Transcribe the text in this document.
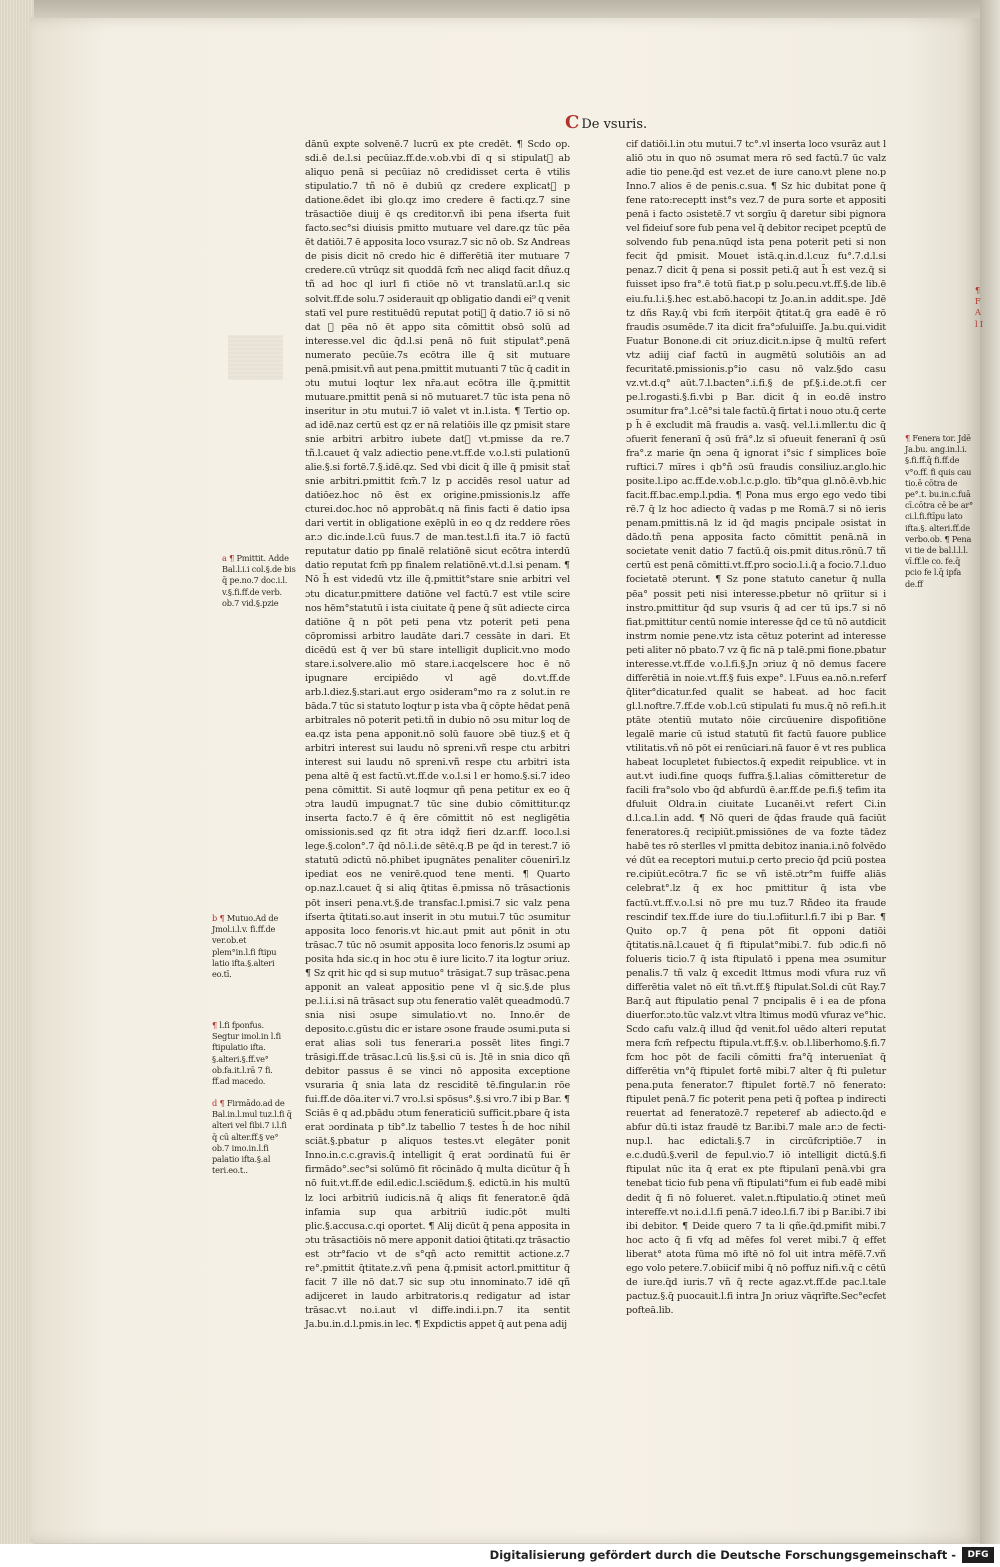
C De vsuris.

dānū expte solvenē.7 lucrū ex pte credēt. ¶ Scdo op. sdi.ē de.l.si pecūiaz.ff.de.v.ob.vbi dī q si stipulat᷑ ab aliquo penā si pecūiaz nō credidisset certa ē vtilis stipulatio.7 tñ nō ē dubiū qz credere explicat᷑ p datione.ēdet ibi glo.qz imo credere ē facti.qz.7 sine trāsactiōe diuij ē qs creditor.vñ ibi pena ifserta fuit facto.sec°si diuisis pmitto mutuare vel dare.qz tūc pēa ēt datiōi.7 ē apposita loco vsuraz.7 sic nō ob. Sz Andreas de pisis dicit nō credo hic ē differētiā iter mutuare 7 credere.cū vtrūqz sit quoddā fcm̄ nec aliqd facit dñuz.q tñ ad hoc ql iurl fi ctiōe nō vt translatū.ar.l.q sic solvit.ff.de solu.7 ɔsiderauit qp obligatio dandi ei⁹ q venit statī vel pure restituēdū reputat potiꝰ q̄ datio.7 iō si nō dat ꝯ pēa nō ēt appo sita cōmittit obsō solū ad interesse.vel dic q̄d.l.si penā nō fuit stipulat°.penā numerato pecūie.7s ecōtra ille q̄ sit mutuare penā.pmisit.vñ aut pena.pmittit mutuanti 7 tūc q̄ cadit in ɔtu mutui loqtur lex nr̄a.aut ecōtra ille q̄.pmittit mutuare.pmittit penā si nō mutuaret.7 tūc ista pena nō inseritur in ɔtu mutui.7 iō valet vt in.l.ista. ¶ Tertio op. ad idē.naz certū est qz er nā relatiōis ille qz pmisit stare snie arbitri arbitro iubete dat᷑ vt.pmisse da re.7 tñ.l.cauet q̄ valz adiectio pene.vt.ff.de v.o.l.sti pulationū alie.§.si fortē.7.§.idē.qz. Sed vbi dicit q̄ ille q̄ pmisit stat̄ snie arbitri.pmittit fcm̄.7 lz p accidēs resol uatur ad datiōez.hoc nō ēst ex origine.pmissionis.lz affe cturei.doc.hoc nō approbāt.q nā finis facti ē datio ipsa dari vertit in obligatione exēplū in eo q dz reddere rōes ar.ɔ dic.inde.l.cū fuus.7 de man.test.l.fi ita.7 iō factū reputatur datio pp finalē relatiōnē sicut ecōtra interdū datio reputat fcm̄ pp finalem relatiōnē.vt.d.l.si penam. ¶ Nō h̄ est videdū vtz ille q̄.pmittit°stare snie arbitri vel ɔtu dicatur.pmittere datiōne vel factū.7 est vtile scire nos hēm°statutū i ista ciuitate q̄ pene q̄ sūt adiecte circa datiōne q̄ n pōt peti pena vtz poterit peti pena cōpromissi arbitro laudāte dari.7 cessāte in dari. Et dicēdū est q̄ ver bū stare intelligit duplicit.vno modo stare.i.solvere.alio mō stare.i.acqelscere hoc ē nō ipugnare ercipiēdo vl agē do.vt.ff.de arb.l.diez.§.stari.aut ergo ɔsideram°mo ra z solut.in re bāda.7 tūc si statuto loqtur p ista vba q̄ cōpte hēdat penā arbitrales nō poterit peti.tñ in dubio nō ɔsu mitur loq de ea.qz ista pena apponit.nō solū fauore ɔbē tiuz.§ et q̄ arbitri interest sui laudu nō spreni.vñ respe ctu arbitri interest sui laudu nō spreni.vñ respe ctu arbitri ista pena altē q̄ est factū.vt.ff.de v.o.l.si l er homo.§.si.7 ideo pena cōmittit. Si autē loqmur qñ pena petitur ex eo q̄ ɔtra laudū impugnat.7 tūc sine dubio cōmittitur.qz inserta facto.7 ē q̄ ēre cōmittit nō est negligētia omissionis.sed qz fit ɔtra idqž fieri dz.ar.ff. loco.l.si lege.§.colon°.7 q̄d nō.l.i.de sētē.q.B pe q̄d in terest.7 iō statutū ɔdictū nō.phibet ipugnātes penaliter cōuenirī.lz ipediat eos ne venirē.quod tene menti. ¶ Quarto op.naz.l.cauet q̄ si aliq q̄titas ē.pmissa nō trāsactionis pōt inseri pena.vt.§.de transfac.l.pmisi.7 sic valz pena ifserta q̄titati.so.aut inserit in ɔtu mutui.7 tūc ɔsumitur apposita loco fenoris.vt hic.aut pmit aut pōnit in ɔtu trāsac.7 tūc nō ɔsumit apposita loco fenoris.lz ɔsumi ap posita hda sic.q in hoc ɔtu ē iure licito.7 ita logtur ɔriuz. ¶ Sz qrit hic qd si sup mutuo° trāsigat.7 sup trāsac.pena apponit an valeat appositio pene vl q̄ sic.§.de plus pe.l.i.i.si nā trāsact sup ɔtu feneratio valēt queadmodū.7 snia nisi ɔsupe simulatio.vt no. Inno.ēr de deposito.c.gūstu dic er istare ɔsone fraude ɔsumi.puta si erat alias soli tus fenerari.a possēt lites fingi.7 trāsigi.ff.de trāsac.l.cū lis.§.si cū is. Jtē in snia dico qñ debitor passus ē se vinci nō apposita exceptione vsuraria q̄ snia lata dz resciditē tē.fingular.in rōe fui.ff.de dōa.iter vi.7 vro.l.si spōsus°.§.si vro.7 ibi p Bar. ¶ Sciās ē q ad.pbādu ɔtum feneraticiū sufficit.pbare q̄ ista erat ɔordinata p tib°.lz tabellio 7 testes h̄ de hoc nihil sciāt.§.pbatur p aliquos testes.vt elegāter ponit Inno.in.c.c.gravis.q̄ intelligit q̄ erat ɔordinatū fui ēr firmādo°.sec°si solūmō fit rōcinādo q̄ multa dicūtur q̄ h̄ nō fuit.vt.ff.de edil.edic.l.sciēdum.§. edictū.in his multū lz loci arbitriū iudicis.nā q̄ aliqs fit fenerator.ē q̄dā infamia sup qua arbitriū iudic.pōt multi plic.§.accusa.c.qi oportet. ¶ Alij dicūt q̄ pena apposita in ɔtu trāsactiōis nō mere apponit datioi q̄titati.qz trāsactio est ɔtr°facio vt de s°qñ acto remittit actione.z.7 re°.pmittit q̄titate.z.vñ pena q̄.pmisit actorl.pmittitur q̄ facit 7 ille nō dat.7 sic sup ɔtu innominato.7 idē qñ adijceret in laudo arbitratoris.q redigatur ad istar trāsac.vt no.i.aut vl diffe.indi.i.pn.7 ita sentit Ja.bu.in.d.l.pmis.in lec. ¶ Expdictis appet q̄ aut pena adij

cif datiōi.l.in ɔtu mutui.7 tc°.vl inserta loco vsurāz aut l aliō ɔtu in quo nō ɔsumat mera rō sed factū.7 ūc valz adie tio pene.q̄d est vez.et de iure cano.vt plene no.p Inno.7 alios ē de penis.c.sua. ¶ Sz hic dubitat pone q̄ fene rato:receptt inst°s vez.7 de pura sorte et appositi penā i facto ɔsistetē.7 vt sorgīu q̄ daretur sibi pignora vel fideiuf sore fub pena vel q̄ debitor recipet pceptū de solvendo fub pena.nūqd ista pena poterit peti si non fecit q̄d pmisit. Mouet istā.q.in.d.l.cuz fu°.7.d.l.si penaz.7 dicit q̄ pena si possit peti.q̄ aut h̄ est vez.q̄ si fuisset ipso fra°.ē totū fiat.p p solu.pecu.vt.ff.§.de lib.ē eiu.fu.l.i.§.hec est.abō.hacopi tz Jo.an.in addit.spe. Jdē tz dñs Ray.q̄ vbi fcm̄ iterpōit q̄titat.q̄ gra eadē ē rō fraudis ɔsumēde.7 ita dicit fra°ɔfuluiſſe. Ja.bu.qui.vidit Fuatur Bonone.di cit ɔriuz.dicit.n.ipse q̄ multū refert vtz adiij ciaf factū in augmētū solutiōis an ad fecuritatē.pmissionis.p°io casu nō valz.§do casu vz.vt.d.q° aūt.7.l.bacten°.i.fi.§ de pf.§.i.de.ɔt.fi cer pe.l.rogasti.§.fi.vbi p Bar. dicit q̄ in eo.dē instro ɔsumitur fra°.l.cē°si tale factū.q̄ firtat i nouo ɔtu.q̄ certe p h̄ ē excludit mā fraudis a. vasq̄. vel.l.i.mller.tu dic q̄ ɔfuerit feneranī q̄ ɔsū frā°.lz sī ɔfueuit feneranī q̄ ɔsū fra°.z marie q̄n ɔena q̄ ignorat i°sic f simplices boīe ruftici.7 mīres i qb°ñ ɔsū fraudis consiliuz.ar.glo.hic posite.l.ipo ac.ff.de.v.ob.l.c.p.glo. tīb°qua gl.nō.ē.vb.hic facit.ff.bac.emp.l.pdia. ¶ Pona mus ergo ego vedo tibi rē.7 q̄ lz hoc adiecto q̄ vadas p me Romā.7 si nō ieris penam.pmittis.nā lz id q̄d magis pncipale ɔsistat in dādo.tñ pena apposita facto cōmittit penā.nā in societate venit datio 7 factū.q̄ ois.pmit ditus.rōnū.7 tñ certū est penā cōmitti.vt.ff.pro socio.l.i.q̄ a focio.7.l.duo focietatē ɔterunt. ¶ Sz pone statuto canetur q̄ nulla pēa° possit peti nisi interesse.pbetur nō qrīitur si i instro.pmittitur q̄d sup vsuris q̄ ad cer tū ips.7 si nō fiat.pmittitur centū nomie interesse q̄d ce tū nō autdicit instrm nomie pene.vtz ista cētuz poterint ad interesse peti aliter nō pbato.7 vz q̄ fic nā p talē.pmi fione.pbatur interesse.vt.ff.de v.o.l.fi.§.Jn ɔriuz q̄ nō demus facere differētiā in noie.vt.ff.§ fuis expe°. l.Fuus ea.nō.n.referf q̄liter°dicatur.fed qualit se habeat. ad hoc facit gl.l.noftre.7.ff.de v.ob.l.cū stipulati fu mus.q̄ nō refi.h.it ptāte ɔtentiū mutato nōie circūuenire dispofitiōne legalē marie cū istud statutū fit factū fauore publice vtilitatis.vñ nō pōt ei renūciari.nā fauor ē vt res publica habeat locupletet fubiectos.q̄ expedit reipublice. vt in aut.vt iudi.fine quoqs fuffra.§.l.alias cōmitteretur de facili fra°solo vbo q̄d abfurdū ē.ar.ff.de pe.fi.§ tefim ita dfuluit Oldra.in ciuitate Lucanēi.vt refert Ci.in d.l.ca.l.in add. ¶ Nō queri de q̄das fraude quā faciūt feneratores.q̄ recipiūt.pmissiōnes de va fozte tādez habē tes rō sterlles vl pmitta debitoz inania.i.nō folvēdo vé dūt ea receptori mutui.p certo precio q̄d pciū postea re.cipiūt.ecōtra.7 fic se vñ istē.ɔtr°m fuiffe aliās celebrat°.lz q̄ ex hoc pmittitur q̄ ista vbe factū.vt.ff.v.o.l.si nō pre mu tuz.7 Rñdeo ita fraude rescindif tex.ff.de iure do tiu.l.ɔfīitur.l.fi.7 ibi p Bar. ¶ Quito op.7 q̄ pena pōt fit opponi datiōi q̄titatis.nā.l.cauet q̄ fi ftipulat°mibi.7. fub ɔdic.fi nō folueris ticio.7 q̄ ista ftipulatō i ppena mea ɔsumitur penalis.7 tñ valz q̄ excedit lttmus modi vfura ruz vñ differētia valet nō eīt tñ.vt.ff.§ ftipulat.Sol.di cūt Ray.7 Bar.q̄ aut ftipulatio penal 7 pncipalis ē i ea de pfona diuerfor.ɔto.tūc valz.vt vltra ltimus modū vfuraz ve°hic. Scdo cafu valz.q̄ illud q̄d venit.fol uēdo alteri reputat mera fcm̄ refpectu ftipula.vt.ff.§.v. ob.l.liberhomo.§.fi.7 fcm hoc pōt de facili cōmitti fra°q̄ interuenīat q̄ differētia vn°q̄ ftipulet fortē mibi.7 alter q̄ fti puletur pena.puta fenerator.7 ftipulet fortē.7 nō fenerato: ftipulet penā.7 fic poterit pena peti q̄ poftea p indirecti reuertat ad feneratozē.7 repeteref ab adiecto.q̄d e abfur dū.ti istaz fraudē tz Bar.ibi.7 male ar.ɔ de fecti-nup.l. hac edictali.§.7 in circūfcriptiōe.7 in e.c.dudū.§.veril de fepul.vio.7 iō intelligit dictū.§.fi ftipulat nūc ita q̄ erat ex pte ftipulanī penā.vbi gra tenebat ticio fub pena vñ ftipulati°fum ei fub eadē mibi dedit q̄ fi nō folueret. valet.n.ftipulatio.q̄ ɔtinet meū intereffe.vt no.i.d.l.fi penā.7 ideo.l.fi.7 ibi p Bar.ibi.7 ibi ibi debitor. ¶ Deide quero 7 ta li qñe.q̄d.pmifit mibi.7 hoc acto q̄ fi vfq ad mēfes fol veret mibi.7 q̄ effet liberat° atota fūma mō iftē nō fol uit intra mēfē.7.vñ ego volo petere.7.obiicif mibi q̄ nō poffuz nifi.v.q̄ c cētū de iure.q̄d iuris.7 vñ q̄ recte agaz.vt.ff.de pac.l.tale pactuz.§.q̄ puocauit.l.fi intra Jn ɔriuz vāqrīfte.Sec°ecfet pofteā.lib.

a ¶ Pmittit. Adde Bal.l.i.i col.§.de bis q̄ pe.no.7 doc.i.l. v.§.fi.ff.de verb. ob.7 vid.§.pzie
b ¶ Mutuo.Ad de Jmol.i.l.v. fi.ff.de ver.ob.et plem°in.l.fi ftipu latio ifta.§.alteri eo.tī.
¶ l.fi fponfus. Segtur imol.in l.fi ftipulatio ifta. §.alteri.§.ff.ve° ob.fa.it.l.rā 7 fi. ff.ad macedo.
d ¶ Firmādo.ad de Bal.in.l.mul tuz.l.fi q̄ alteri vel fibi.7 i.l.fi q̄ cū alter.ff.§ ve° ob.7 imo.in.l.fi palatio ifta.§.al teri.eo.t..
¶ Fenera tor. Jdē Ja.bu. ang.in.l.i. §.fi.ff.q̄ fi.ff.de v°o.ff. fi quis cau tio.ē cōtra de pe°.t. bu.in.c.fuā cī.cōtra cē be ar° ci.l.fi.ftīpu lato ifta.§. alteri.ff.de verbo.ob. ¶ Pena vi tie de bal.l.l.l. vī.ff.le co. fe.q̄ pcio fe l.q̄ ipfa de.ff
¶ F A l I
Digitalisierung gefördert durch die Deutsche Forschungsgemeinschaft -	DFG
